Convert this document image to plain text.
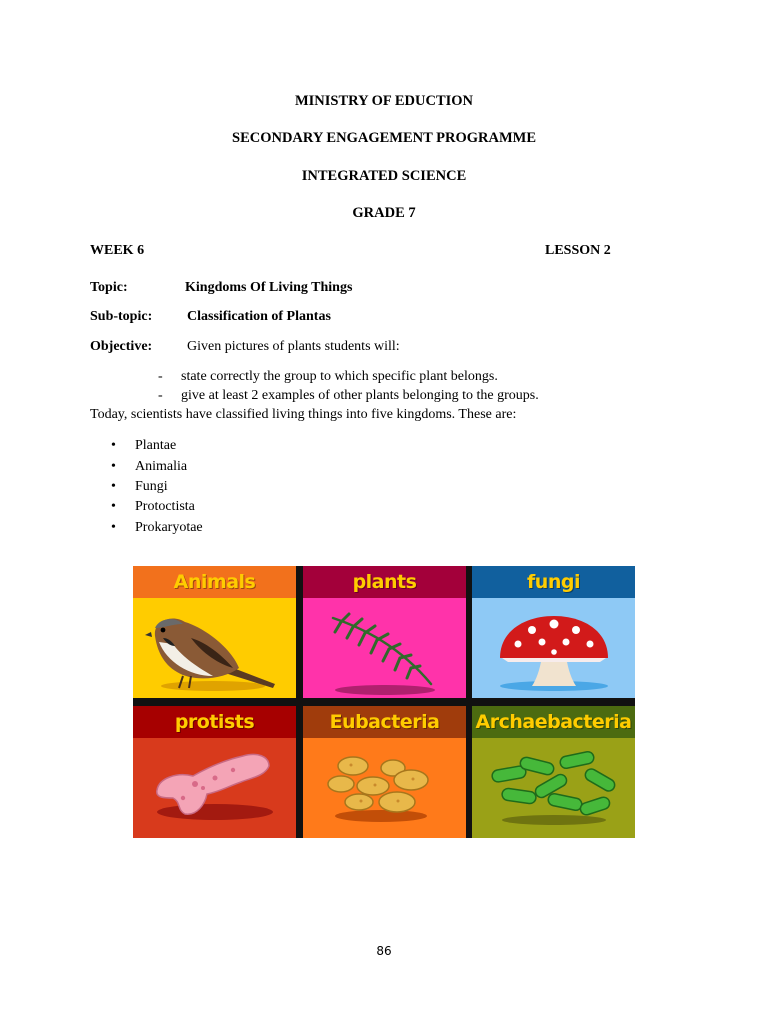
MINISTRY OF EDUCTION
SECONDARY ENGAGEMENT PROGRAMME
INTEGRATED SCIENCE
GRADE 7
WEEK 6	LESSON 2
Topic:	Kingdoms Of Living Things
Sub-topic: Classification of Plantas
Objective: Given pictures of plants students will:
- state correctly the group to which specific plant belongs.
- give at least 2 examples of other plants belonging to the groups.
Today, scientists have classified living things into five kingdoms. These are:
• Plantae
• Animalia
• Fungi
• Protoctista
• Prokaryotae
Animals	plants	fungi
protists	Eubacteria	Archaebacteria
86
